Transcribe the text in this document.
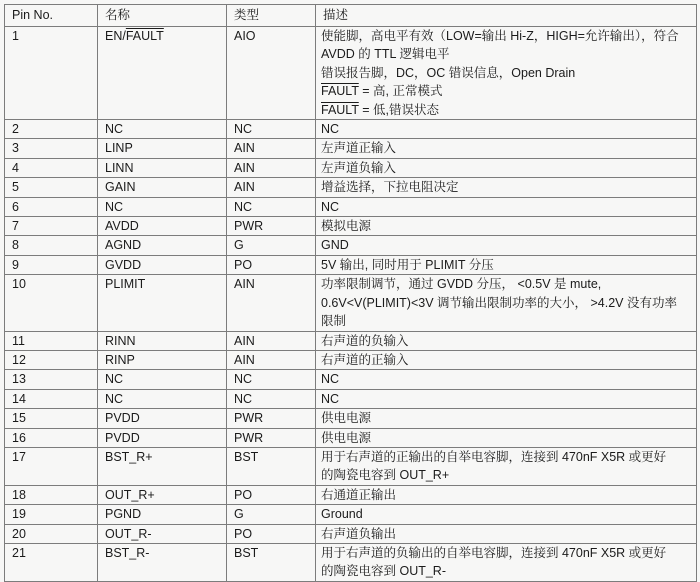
Pin No.	名称	类型	描述
1	EN/FAULT	AIO	使能脚，高电平有效（LOW=输出 Hi-Z，HIGH=允许输出），符合
AVDD 的 TTL 逻辑电平
错误报告脚，DC，OC 错误信息，Open Drain
FAULT = 高, 正常模式
FAULT = 低,错误状态

2	NC	NC	NC
3	LINP	AIN	左声道正输入
4	LINN	AIN	左声道负输入
5	GAIN	AIN	增益选择，下拉电阻决定
6	NC	NC	NC
7	AVDD	PWR	模拟电源
8	AGND	G	GND
9	GVDD	PO	5V 输出, 同时用于 PLIMIT 分压
10	PLIMIT	AIN	功率限制调节，通过 GVDD 分压， <0.5V 是 mute,
0.6V<V(PLIMIT)<3V 调节输出限制功率的大小， >4.2V 没有功率
限制

11	RINN	AIN	右声道的负输入
12	RINP	AIN	右声道的正输入
13	NC	NC	NC
14	NC	NC	NC
15	PVDD	PWR	供电电源
16	PVDD	PWR	供电电源
17	BST_R+	BST	用于右声道的正输出的自举电容脚，连接到 470nF X5R 或更好
的陶瓷电容到 OUT_R+

18	OUT_R+	PO	右通道正输出
19	PGND	G	Ground
20	OUT_R-	PO	右声道负输出
21	BST_R-	BST	用于右声道的负输出的自举电容脚，连接到 470nF X5R 或更好
的陶瓷电容到 OUT_R-
